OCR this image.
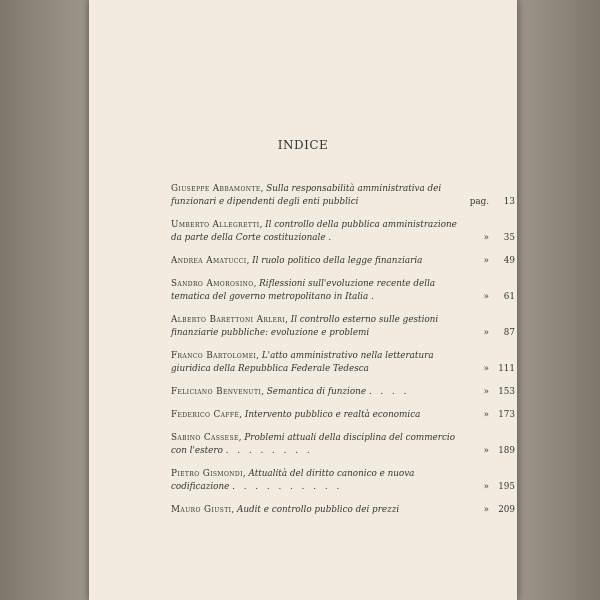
INDICE
Giuseppe Abbamonte, Sulla responsabilità amministrativa dei funzionari e dipendenti degli enti pubblici	pag.	13
Umberto Allegretti, Il controllo della pubblica amministrazione da parte della Corte costituzionale .	»	35
Andrea Amatucci, Il ruolo politico della legge finanziaria	»	49
Sandro Amorosino, Riflessioni sull'evoluzione recente della tematica del governo metropolitano in Italia .	»	61
Alberto Barettoni Arleri, Il controllo esterno sulle gestioni finanziarie pubbliche: evoluzione e problemi	»	87
Franco Bartolomei, L'atto amministrativo nella letteratura giuridica della Repubblica Federale Tedesca	»	111
Feliciano Benvenuti, Semantica di funzione . . . .	»	153
Federico Caffè, Intervento pubblico e realtà economica	»	173
Sabino Cassese, Problemi attuali della disciplina del commercio con l'estero . . . . . . . .	»	189
Pietro Gismondi, Attualità del diritto canonico e nuova codificazione . . . . . . . . . .	»	195
Mauro Giusti, Audit e controllo pubblico dei prezzi	»	209
